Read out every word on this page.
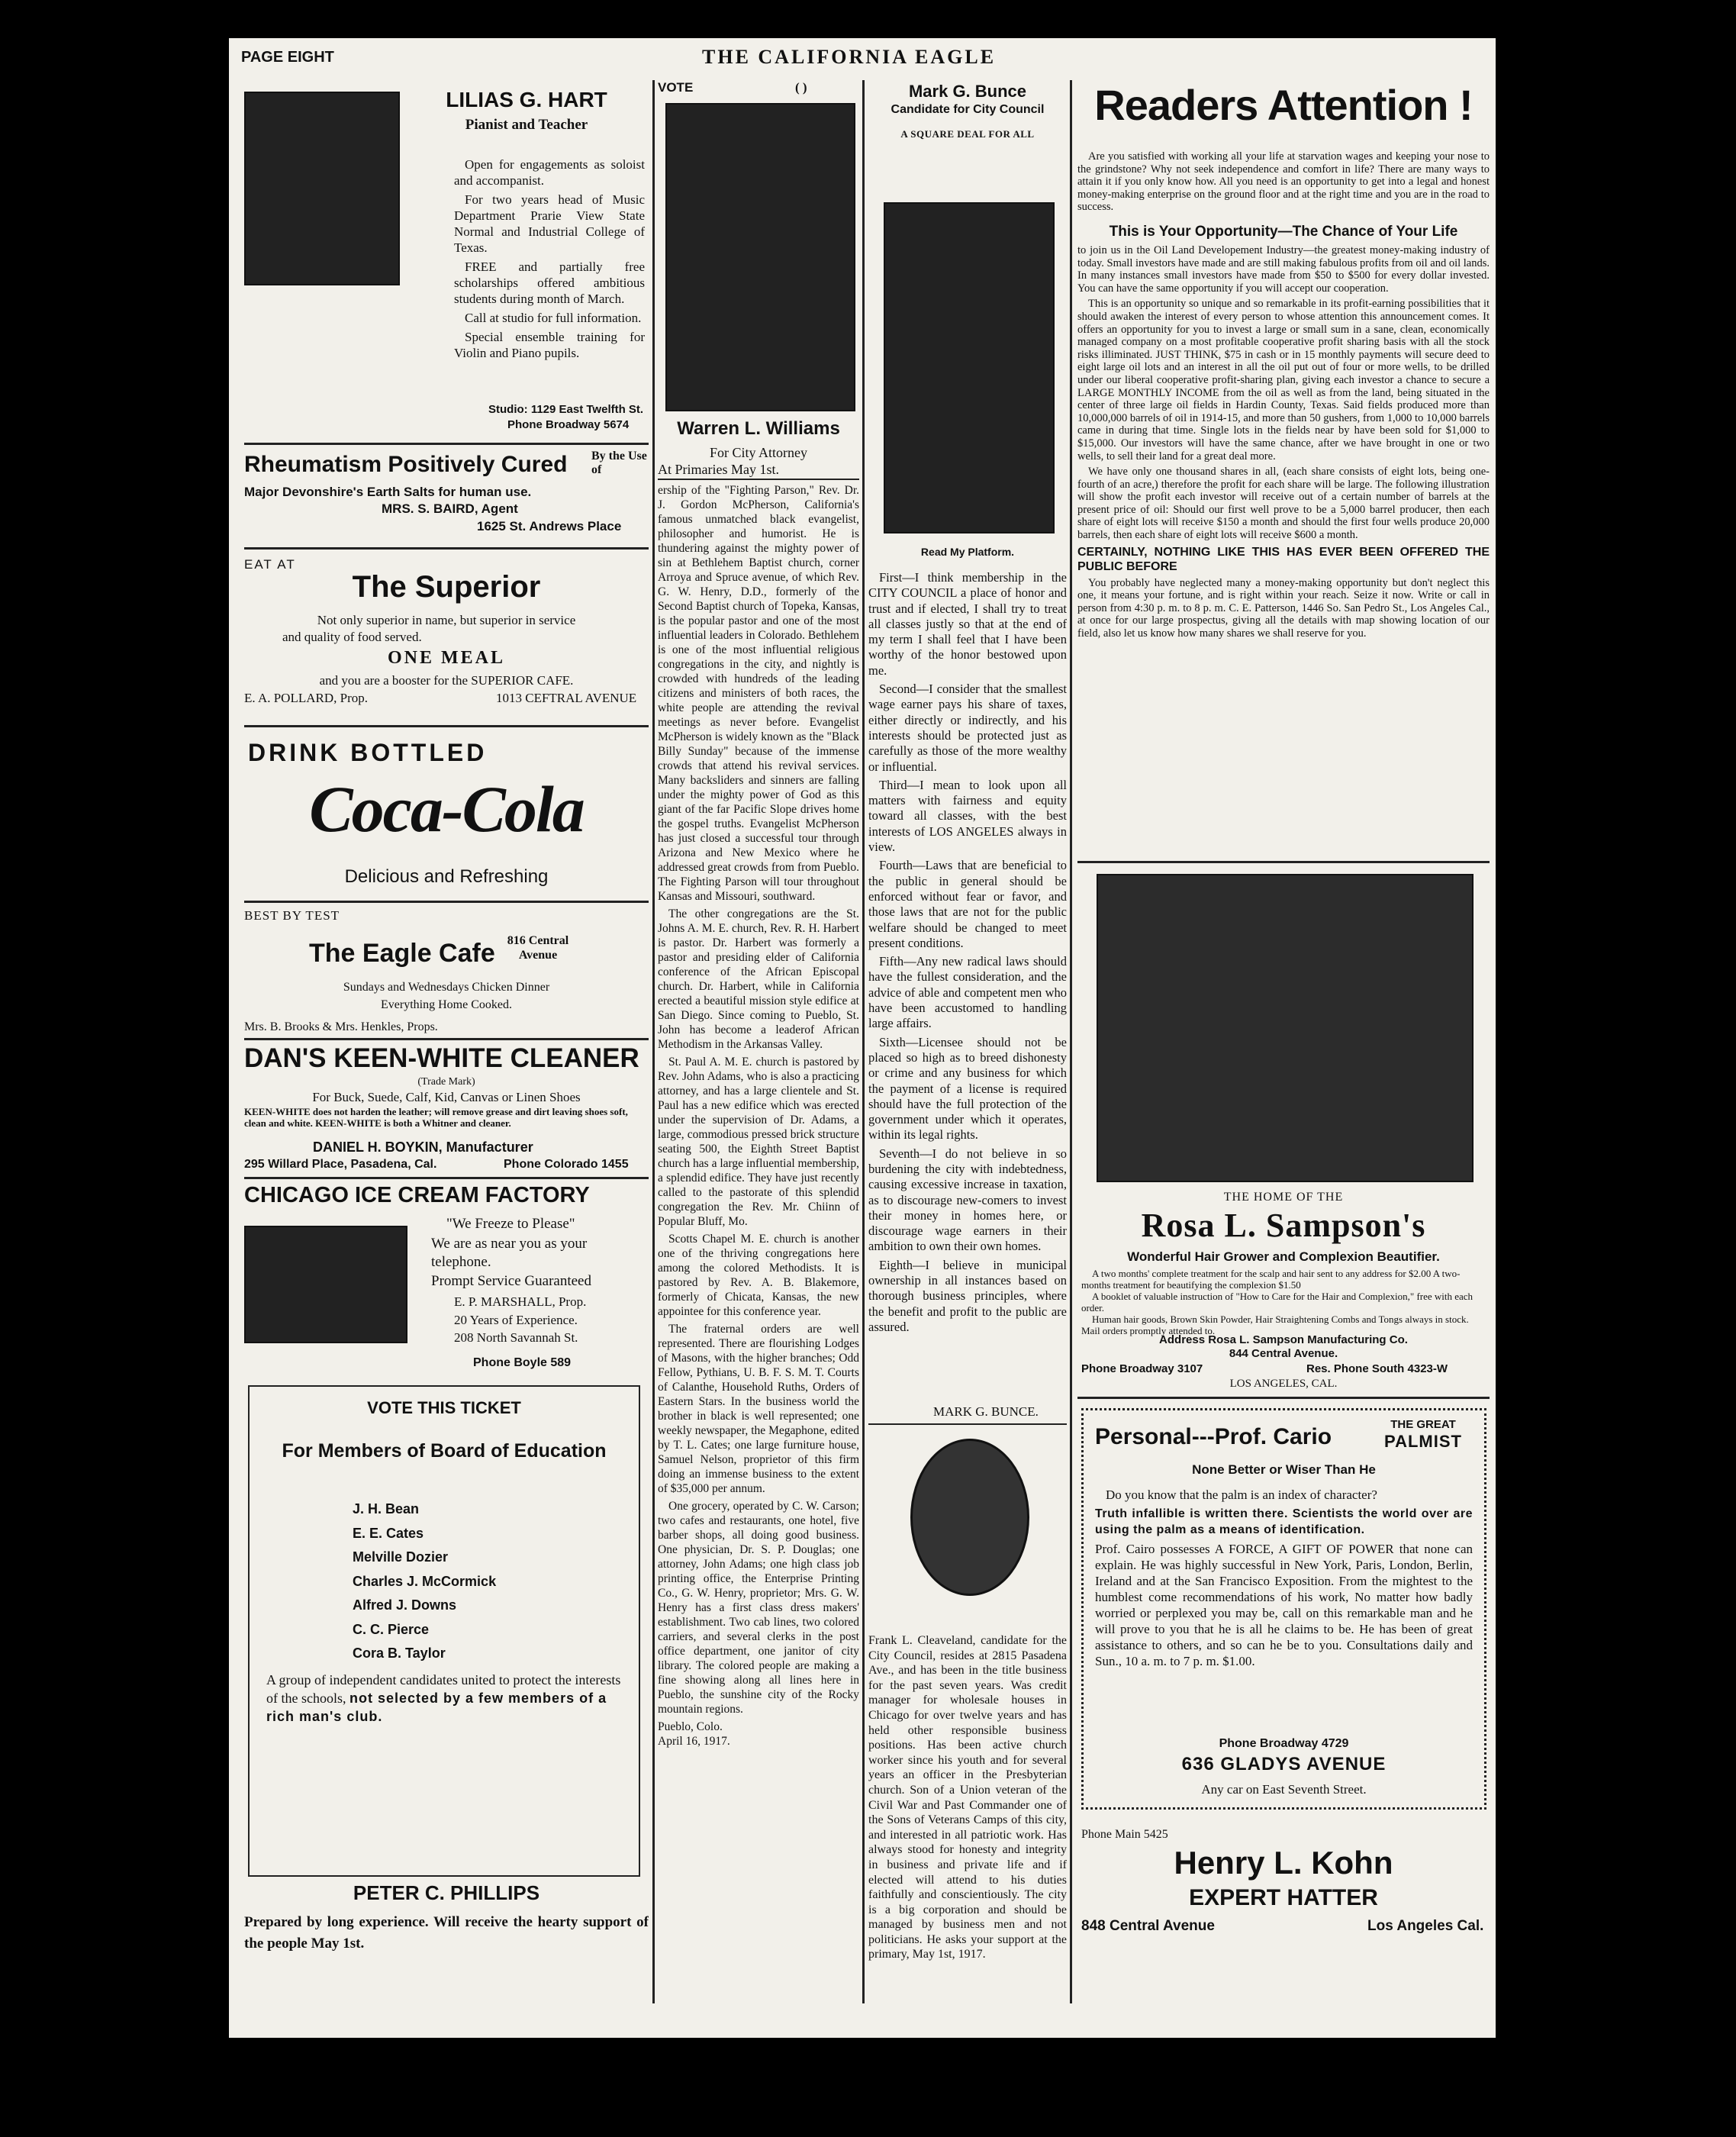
PAGE EIGHT	THE CALIFORNIA EAGLE
LILIAS G. HART
Pianist and Teacher

Open for engagements as soloist and accompanist.

For two years head of Music Department Prarie View State Normal and Industrial College of Texas.

FREE and partially free scholarships offered ambitious students during month of March.

Call at studio for full information.

Special ensemble training for Violin and Piano pupils.

Studio: 1129 East Twelfth St.
Phone Broadway 5674
Rheumatism Positively Cured By the Use of
Major Devonshire's Earth Salts for human use.
MRS. S. BAIRD, Agent
1625 St. Andrews Place
EAT AT
The Superior
Not only superior in name, but superior in service
and quality of food served.
ONE MEAL
and you are a booster for the SUPERIOR CAFE.
E. A. POLLARD, Prop.	1013 CEFTRAL AVENUE
DRINK BOTTLED
Coca-Cola
Delicious and Refreshing
BEST BY TEST
The Eagle Cafe 816 Central Avenue
Sundays and Wednesdays Chicken Dinner
Everything Home Cooked.
Mrs. B. Brooks & Mrs. Henkles, Props.
DAN'S KEEN-WHITE CLEANER
(Trade Mark)
For Buck, Suede, Calf, Kid, Canvas or Linen Shoes
KEEN-WHITE does not harden the leather; will remove grease and dirt leaving shoes soft, clean and white. KEEN-WHITE is both a Whitner and cleaner.
DANIEL H. BOYKIN, Manufacturer
295 Willard Place, Pasadena, Cal.	Phone Colorado 1455
CHICAGO ICE CREAM FACTORY
"We Freeze to Please"
We are as near you as your telephone.
Prompt Service Guaranteed
E. P. MARSHALL, Prop.
20 Years of Experience.
208 North Savannah St.
Phone Boyle 589
VOTE THIS TICKET
For Members of Board of Education
J. H. Bean
E. E. Cates
Melville Dozier
Charles J. McCormick
Alfred J. Downs
C. C. Pierce
Cora B. Taylor
A group of independent candidates united to protect the interests of the schools, not selected by a few members of a rich man's club.
PETER C. PHILLIPS
Prepared by long experience. Will receive the hearty support of the people May 1st.
VOTE	( )
Warren L. Williams
For City Attorney
At Primaries May 1st.

ership of the "Fighting Parson," Rev. Dr. J. Gordon McPherson, California's famous unmatched black evangelist, philosopher and humorist. He is thundering against the mighty power of sin at Bethlehem Baptist church, corner Arroya and Spruce avenue, of which Rev. G. W. Henry, D.D., formerly of the Second Baptist church of Topeka, Kansas, is the popular pastor and one of the most influential leaders in Colorado. Bethlehem is one of the most influential religious congregations in the city, and nightly is crowded with hundreds of the leading citizens and ministers of both races, the white people are attending the revival meetings as never before. Evangelist McPherson is widely known as the "Black Billy Sunday" because of the immense crowds that attend his revival services. Many backsliders and sinners are falling under the mighty power of God as this giant of the far Pacific Slope drives home the gospel truths. Evangelist McPherson has just closed a successful tour through Arizona and New Mexico where he addressed great crowds from from Pueblo. The Fighting Parson will tour throughout Kansas and Missouri, southward.

The other congregations are the St. Johns A. M. E. church, Rev. R. H. Harbert is pastor. Dr. Harbert was formerly a pastor and presiding elder of California conference of the African Episcopal church. Dr. Harbert, while in California erected a beautiful mission style edifice at San Diego. Since coming to Pueblo, St. John has become a leaderof African Methodism in the Arkansas Valley.

St. Paul A. M. E. church is pastored by Rev. John Adams, who is also a practicing attorney, and has a large clientele and St. Paul has a new edifice which was erected under the supervision of Dr. Adams, a large, commodious pressed brick structure seating 500, the Eighth Street Baptist church has a large influential membership, a splendid edifice. They have just recently called to the pastorate of this splendid congregation the Rev. Mr. Chiinn of Popular Bluff, Mo.

Scotts Chapel M. E. church is another one of the thriving congregations here among the colored Methodists. It is pastored by Rev. A. B. Blakemore, formerly of Chicata, Kansas, the new appointee for this conference year.

The fraternal orders are well represented. There are flourishing Lodges of Masons, with the higher branches; Odd Fellow, Pythians, U. B. F. S. M. T. Courts of Calanthe, Household Ruths, Orders of Eastern Stars. In the business world the brother in black is well represented; one weekly newspaper, the Megaphone, edited by T. L. Cates; one large furniture house, Samuel Nelson, proprietor of this firm doing an immense business to the extent of $35,000 per annum.

One grocery, operated by C. W. Carson; two cafes and restaurants, one hotel, five barber shops, all doing good business. One physician, Dr. S. P. Douglas; one attorney, John Adams; one high class job printing office, the Enterprise Printing Co., G. W. Henry, proprietor; Mrs. G. W. Henry has a first class dress makers' establishment. Two cab lines, two colored carriers, and several clerks in the post office department, one janitor of city library. The colored people are making a fine showing along all lines here in Pueblo, the sunshine city of the Rocky mountain regions.

Pueblo, Colo.
April 16, 1917.
Mark G. Bunce
Candidate for City Council
A SQUARE DEAL FOR ALL
Read My Platform.

First—I think membership in the CITY COUNCIL a place of honor and trust and if elected, I shall try to treat all classes justly so that at the end of my term I shall feel that I have been worthy of the honor bestowed upon me.

Second—I consider that the smallest wage earner pays his share of taxes, either directly or indirectly, and his interests should be protected just as carefully as those of the more wealthy or influential.

Third—I mean to look upon all matters with fairness and equity toward all classes, with the best interests of LOS ANGELES always in view.

Fourth—Laws that are beneficial to the public in general should be enforced without fear or favor, and those laws that are not for the public welfare should be changed to meet present conditions.

Fifth—Any new radical laws should have the fullest consideration, and the advice of able and competent men who have been accustomed to handling large affairs.

Sixth—Licensee should not be placed so high as to breed dishonesty or crime and any business for which the payment of a license is required should have the full protection of the government under which it operates, within its legal rights.

Seventh—I do not believe in so burdening the city with indebtedness, causing excessive increase in taxation, as to discourage new-comers to invest their money in homes here, or discourage wage earners in their ambition to own their own homes.

Eighth—I believe in municipal ownership in all instances based on thorough business principles, where the benefit and profit to the public are assured.

MARK G. BUNCE.
Frank L. Cleaveland, candidate for the City Council, resides at 2815 Pasadena Ave., and has been in the title business for the past seven years. Was credit manager for wholesale houses in Chicago for over twelve years and has held other responsible business positions. Has been active church worker since his youth and for several years an officer in the Presbyterian church. Son of a Union veteran of the Civil War and Past Commander one of the Sons of Veterans Camps of this city, and interested in all patriotic work. Has always stood for honesty and integrity in business and private life and if elected will attend to his duties faithfully and conscientiously. The city is a big corporation and should be managed by business men and not politicians. He asks your support at the primary, May 1st, 1917.
Readers Attention !

Are you satisfied with working all your life at starvation wages and keeping your nose to the grindstone? Why not seek independence and comfort in life? There are many ways to attain it if you only know how. All you need is an opportunity to get into a legal and honest money-making enterprise on the ground floor and at the right time and you are in the road to success.

This is Your Opportunity—The Chance of Your Life

to join us in the Oil Land Developement Industry—the greatest money-making industry of today. Small investors have made and are still making fabulous profits from oil and oil lands. In many instances small investors have made from $50 to $500 for every dollar invested. You can have the same opportunity if you will accept our cooperation.

This is an opportunity so unique and so remarkable in its profit-earning possibilities that it should awaken the interest of every person to whose attention this announcement comes. It offers an opportunity for you to invest a large or small sum in a sane, clean, economically managed company on a most profitable cooperative profit sharing basis with all the stock risks illiminated. JUST THINK, $75 in cash or in 15 monthly payments will secure deed to eight large oil lots and an interest in all the oil put out of four or more wells, to be drilled under our liberal cooperative profit-sharing plan, giving each investor a chance to secure a LARGE MONTHLY INCOME from the oil as well as from the land, being situated in the center of three large oil fields in Hardin County, Texas. Said fields produced more than 10,000,000 barrels of oil in 1914-15, and more than 50 gushers, from 1,000 to 10,000 barrels came in during that time. Single lots in the fields near by have been sold for $1,000 to $15,000. Our investors will have the same chance, after we have brought in one or two wells, to sell their land for a great deal more.

We have only one thousand shares in all, (each share consists of eight lots, being one-fourth of an acre,) therefore the profit for each share will be large. The following illustration will show the profit each investor will receive out of a certain number of barrels at the present price of oil: Should our first well prove to be a 5,000 barrel producer, then each share of eight lots will receive $150 a month and should the first four wells produce 20,000 barrels, then each share of eight lots will receive $600 a month.

CERTAINLY, NOTHING LIKE THIS HAS EVER BEEN OFFERED THE PUBLIC BEFORE

You probably have neglected many a money-making opportunity but don't neglect this one, it means your fortune, and is right within your reach. Seize it now. Write or call in person from 4:30 p. m. to 8 p. m. C. E. Patterson, 1446 So. San Pedro St., Los Angeles Cal., at once for our large prospectus, giving all the details with map showing location of our field, also let us know how many shares we shall reserve for you.

THE HOME OF THE
Rosa L. Sampson's
Wonderful Hair Grower and Complexion Beautifier.
A two months' complete treatment for the scalp and hair sent to any address for $2.00 A two-months treatment for beautifying the complexion $1.50
A booklet of valuable instruction of "How to Care for the Hair and Complexion," free with each order.
Human hair goods, Brown Skin Powder, Hair Straightening Combs and Tongs always in stock. Mail orders promptly attended to.
Address Rosa L. Sampson Manufacturing Co.
844 Central Avenue.
Phone Broadway 3107	Res. Phone South 4323-W
LOS ANGELES, CAL.
Personal---Prof. Cario	THE GREAT
PALMIST
None Better or Wiser Than He

Do you know that the palm is an index of character?

Truth infallible is written there. Scientists the world over are using the palm as a means of identification.

Prof. Cairo possesses A FORCE, A GIFT OF POWER that none can explain. He was highly successful in New York, Paris, London, Berlin, Ireland and at the San Francisco Exposition. From the mightest to the humblest come recommendations of his work, No matter how badly worried or perplexed you may be, call on this remarkable man and he will prove to you that he is all he claims to be. He has been of great assistance to others, and so can he be to you. Consultations daily and Sun., 10 a. m. to 7 p. m. $1.00.

Phone Broadway 4729
636 GLADYS AVENUE
Any car on East Seventh Street.
Phone Main 5425
Henry L. Kohn
EXPERT HATTER
848 Central Avenue	Los Angeles Cal.
